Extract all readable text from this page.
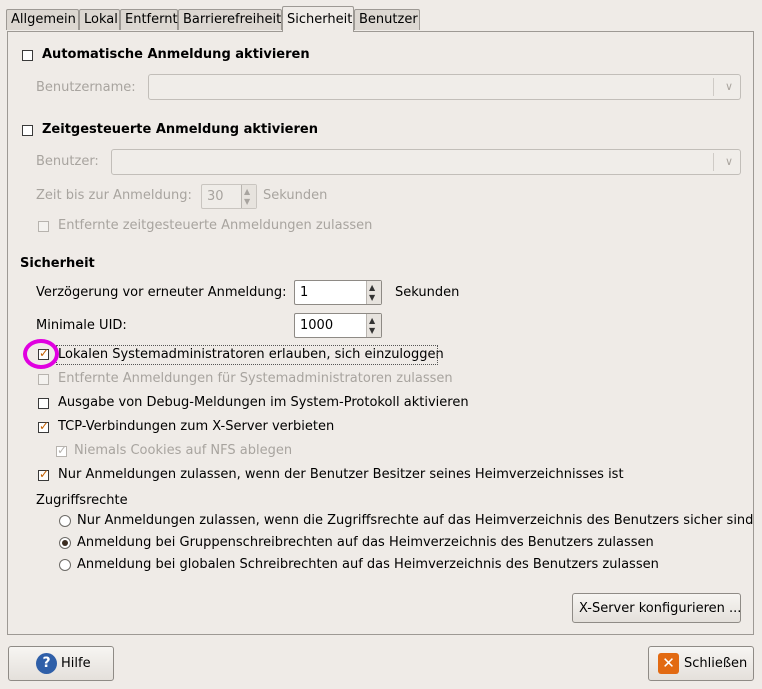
Allgemein Lokal Entfernt Barrierefreiheit Sicherheit Benutzer
Automatische Anmeldung aktivieren
Benutzername:	∨
Zeitgesteuerte Anmeldung aktivieren
Benutzer:	∨
Zeit bis zur Anmeldung: 30	▲
▼ Sekunden
Entfernte zeitgesteuerte Anmeldungen zulassen
Sicherheit
Verzögerung vor erneuter Anmeldung: 1	▲
▼ Sekunden
Minimale UID:	1000	▲
▼
✓ Lokalen Systemadministratoren erlauben, sich einzuloggen
Entfernte Anmeldungen für Systemadministratoren zulassen
Ausgabe von Debug-Meldungen im System-Protokoll aktivieren
✓ TCP-Verbindungen zum X-Server verbieten
✓ Niemals Cookies auf NFS ablegen
✓ Nur Anmeldungen zulassen, wenn der Benutzer Besitzer seines Heimverzeichnisses ist
Zugriffsrechte
Nur Anmeldungen zulassen, wenn die Zugriffsrechte auf das Heimverzeichnis des Benutzers sicher sind
Anmeldung bei Gruppenschreibrechten auf das Heimverzeichnis des Benutzers zulassen
Anmeldung bei globalen Schreibrechten auf das Heimverzeichnis des Benutzers zulassen
X-Server konfigurieren ...
? Hilfe	✕ Schließen
